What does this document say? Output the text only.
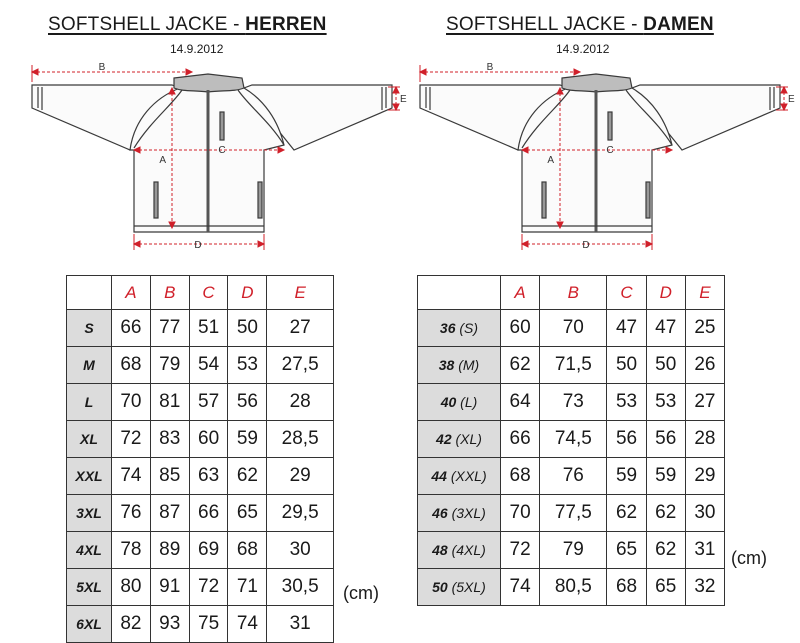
SOFTSHELL JACKE - HERREN
14.9.2012
SOFTSHELL JACKE - DAMEN
14.9.2012
B
C
A
D
E
B
C
A
D
E
	A	B	C	D	E
S	66	77	51	50	27
M	68	79	54	53	27,5
L	70	81	57	56	28
XL	72	83	60	59	28,5
XXL	74	85	63	62	29
3XL	76	87	66	65	29,5
4XL	78	89	69	68	30
5XL	80	91	72	71	30,5
6XL	82	93	75	74	31
(cm)
	A	B	C	D	E
36 (S)	60	70	47	47	25
38 (M)	62	71,5	50	50	26
40 (L)	64	73	53	53	27
42 (XL)	66	74,5	56	56	28
44 (XXL)	68	76	59	59	29
46 (3XL)	70	77,5	62	62	30
48 (4XL)	72	79	65	62	31
50 (5XL)	74	80,5	68	65	32
(cm)
